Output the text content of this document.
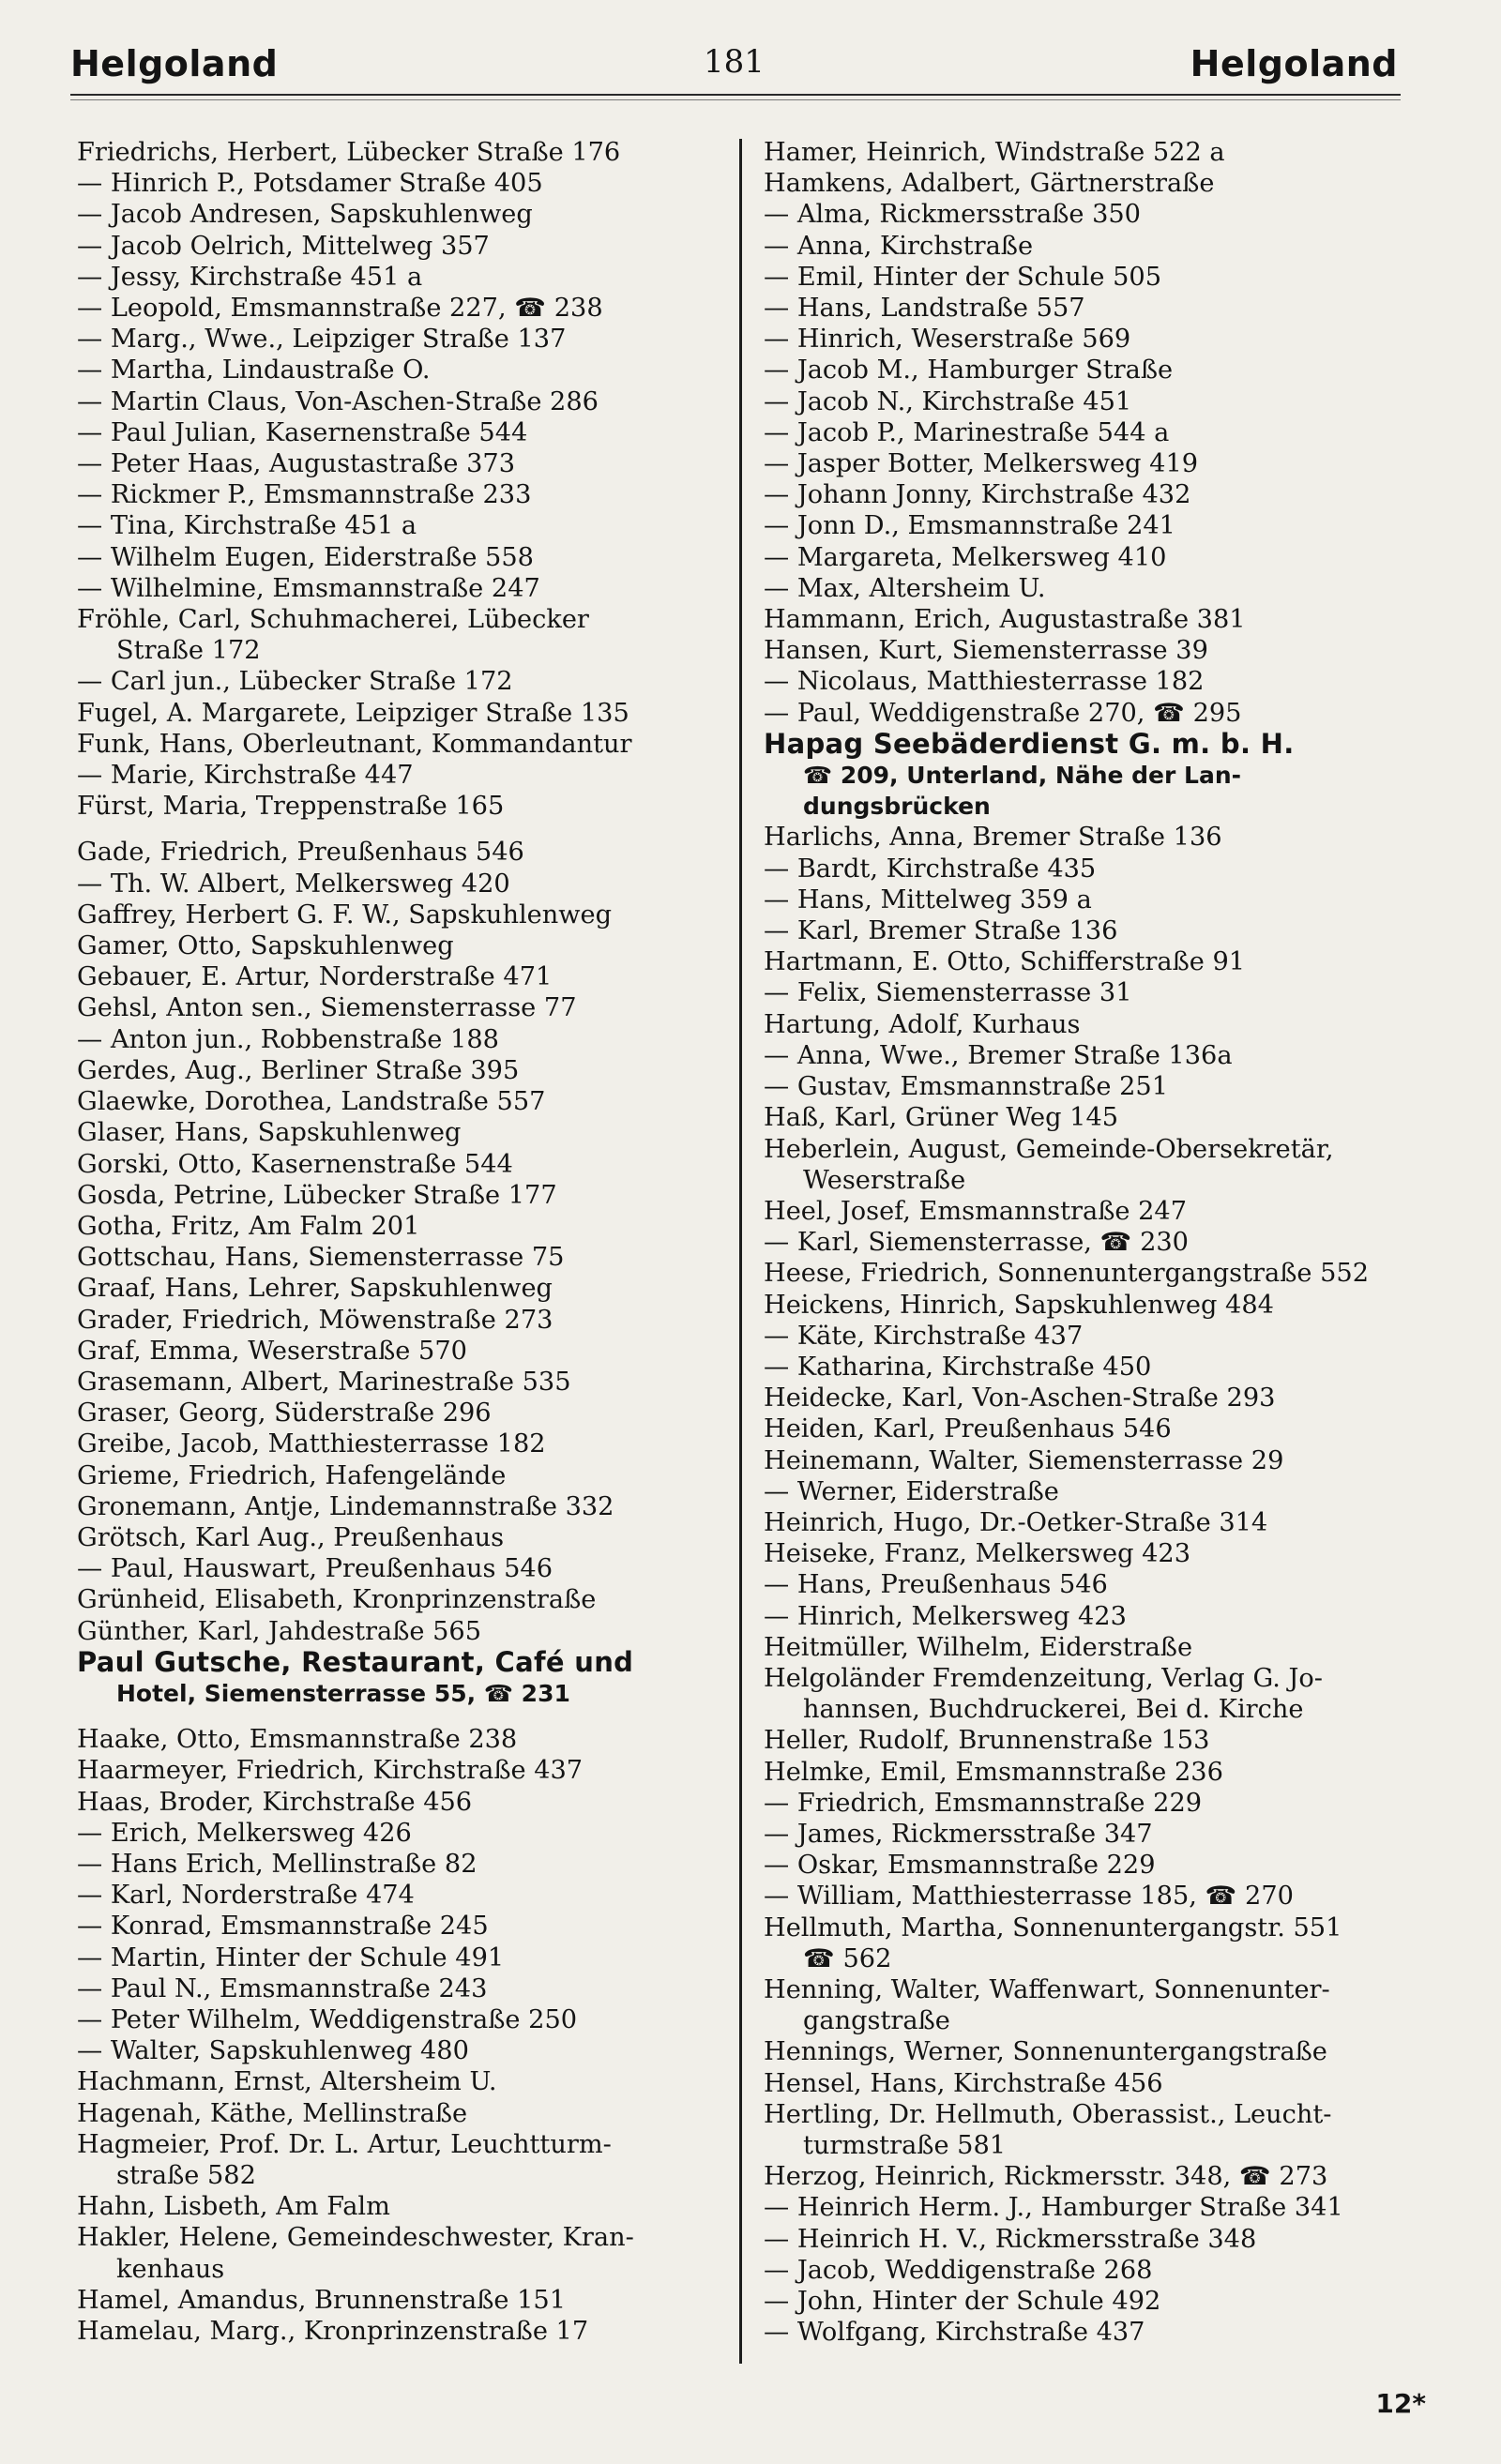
Helgoland	181	Helgoland
Friedrichs, Herbert, Lübecker Straße 176
— Hinrich P., Potsdamer Straße 405
— Jacob Andresen, Sapskuhlenweg
— Jacob Oelrich, Mittelweg 357
— Jessy, Kirchstraße 451 a
— Leopold, Emsmannstraße 227, ☎ 238
— Marg., Wwe., Leipziger Straße 137
— Martha, Lindaustraße O.
— Martin Claus, Von-Aschen-Straße 286
— Paul Julian, Kasernenstraße 544
— Peter Haas, Augustastraße 373
— Rickmer P., Emsmannstraße 233
— Tina, Kirchstraße 451 a
— Wilhelm Eugen, Eiderstraße 558
— Wilhelmine, Emsmannstraße 247
Fröhle, Carl, Schuhmacherei, Lübecker
Straße 172
— Carl jun., Lübecker Straße 172
Fugel, A. Margarete, Leipziger Straße 135
Funk, Hans, Oberleutnant, Kommandantur
— Marie, Kirchstraße 447
Fürst, Maria, Treppenstraße 165
Gade, Friedrich, Preußenhaus 546
— Th. W. Albert, Melkersweg 420
Gaffrey, Herbert G. F. W., Sapskuhlenweg
Gamer, Otto, Sapskuhlenweg
Gebauer, E. Artur, Norderstraße 471
Gehsl, Anton sen., Siemensterrasse 77
— Anton jun., Robbenstraße 188
Gerdes, Aug., Berliner Straße 395
Glaewke, Dorothea, Landstraße 557
Glaser, Hans, Sapskuhlenweg
Gorski, Otto, Kasernenstraße 544
Gosda, Petrine, Lübecker Straße 177
Gotha, Fritz, Am Falm 201
Gottschau, Hans, Siemensterrasse 75
Graaf, Hans, Lehrer, Sapskuhlenweg
Grader, Friedrich, Möwenstraße 273
Graf, Emma, Weserstraße 570
Grasemann, Albert, Marinestraße 535
Graser, Georg, Süderstraße 296
Greibe, Jacob, Matthiesterrasse 182
Grieme, Friedrich, Hafengelände
Gronemann, Antje, Lindemannstraße 332
Grötsch, Karl Aug., Preußenhaus
— Paul, Hauswart, Preußenhaus 546
Grünheid, Elisabeth, Kronprinzenstraße
Günther, Karl, Jahdestraße 565
Paul Gutsche, Restaurant, Café und
Hotel, Siemensterrasse 55, ☎ 231
Haake, Otto, Emsmannstraße 238
Haarmeyer, Friedrich, Kirchstraße 437
Haas, Broder, Kirchstraße 456
— Erich, Melkersweg 426
— Hans Erich, Mellinstraße 82
— Karl, Norderstraße 474
— Konrad, Emsmannstraße 245
— Martin, Hinter der Schule 491
— Paul N., Emsmannstraße 243
— Peter Wilhelm, Weddigenstraße 250
— Walter, Sapskuhlenweg 480
Hachmann, Ernst, Altersheim U.
Hagenah, Käthe, Mellinstraße
Hagmeier, Prof. Dr. L. Artur, Leuchtturm-
straße 582
Hahn, Lisbeth, Am Falm
Hakler, Helene, Gemeindeschwester, Kran-
kenhaus
Hamel, Amandus, Brunnenstraße 151
Hamelau, Marg., Kronprinzenstraße 17
Hamer, Heinrich, Windstraße 522 a
Hamkens, Adalbert, Gärtnerstraße
— Alma, Rickmersstraße 350
— Anna, Kirchstraße
— Emil, Hinter der Schule 505
— Hans, Landstraße 557
— Hinrich, Weserstraße 569
— Jacob M., Hamburger Straße
— Jacob N., Kirchstraße 451
— Jacob P., Marinestraße 544 a
— Jasper Botter, Melkersweg 419
— Johann Jonny, Kirchstraße 432
— Jonn D., Emsmannstraße 241
— Margareta, Melkersweg 410
— Max, Altersheim U.
Hammann, Erich, Augustastraße 381
Hansen, Kurt, Siemensterrasse 39
— Nicolaus, Matthiesterrasse 182
— Paul, Weddigenstraße 270, ☎ 295
Hapag Seebäderdienst G. m. b. H.
☎ 209, Unterland, Nähe der Lan-
dungsbrücken
Harlichs, Anna, Bremer Straße 136
— Bardt, Kirchstraße 435
— Hans, Mittelweg 359 a
— Karl, Bremer Straße 136
Hartmann, E. Otto, Schifferstraße 91
— Felix, Siemensterrasse 31
Hartung, Adolf, Kurhaus
— Anna, Wwe., Bremer Straße 136a
— Gustav, Emsmannstraße 251
Haß, Karl, Grüner Weg 145
Heberlein, August, Gemeinde-Obersekretär,
Weserstraße
Heel, Josef, Emsmannstraße 247
— Karl, Siemensterrasse, ☎ 230
Heese, Friedrich, Sonnenuntergangstraße 552
Heickens, Hinrich, Sapskuhlenweg 484
— Käte, Kirchstraße 437
— Katharina, Kirchstraße 450
Heidecke, Karl, Von-Aschen-Straße 293
Heiden, Karl, Preußenhaus 546
Heinemann, Walter, Siemensterrasse 29
— Werner, Eiderstraße
Heinrich, Hugo, Dr.-Oetker-Straße 314
Heiseke, Franz, Melkersweg 423
— Hans, Preußenhaus 546
— Hinrich, Melkersweg 423
Heitmüller, Wilhelm, Eiderstraße
Helgoländer Fremdenzeitung, Verlag G. Jo-
hannsen, Buchdruckerei, Bei d. Kirche
Heller, Rudolf, Brunnenstraße 153
Helmke, Emil, Emsmannstraße 236
— Friedrich, Emsmannstraße 229
— James, Rickmersstraße 347
— Oskar, Emsmannstraße 229
— William, Matthiesterrasse 185, ☎ 270
Hellmuth, Martha, Sonnenuntergangstr. 551
☎ 562
Henning, Walter, Waffenwart, Sonnenunter-
gangstraße
Hennings, Werner, Sonnenuntergangstraße
Hensel, Hans, Kirchstraße 456
Hertling, Dr. Hellmuth, Oberassist., Leucht-
turmstraße 581
Herzog, Heinrich, Rickmersstr. 348, ☎ 273
— Heinrich Herm. J., Hamburger Straße 341
— Heinrich H. V., Rickmersstraße 348
— Jacob, Weddigenstraße 268
— John, Hinter der Schule 492
— Wolfgang, Kirchstraße 437
12*
